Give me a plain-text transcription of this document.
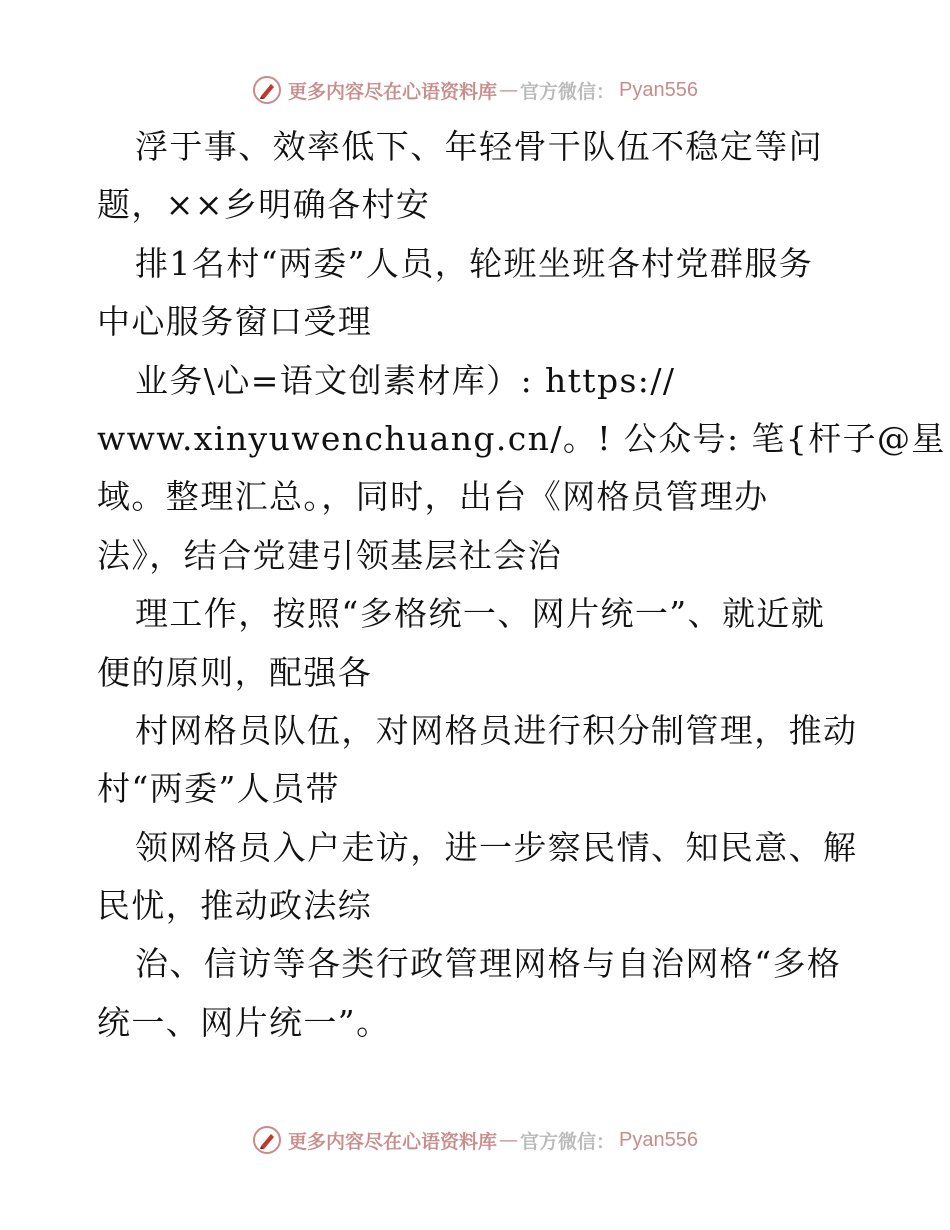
更多内容尽在心语资料库 — 官方微信： Pyan556
浮于事、效率低下、年轻骨干队伍不稳定等问
题，××乡明确各村安
排1名村“两委”人员，轮班坐班各村党群服务
中心服务窗口受理
业务\心=语文创素材库）: https://
www.xinyuwenchuang.cn/。! 公众号: 笔{杆子@星
域。整理汇总。，同时，出台《网格员管理办
法》，结合党建引领基层社会治
理工作，按照“多格统一、网片统一”、就近就
便的原则，配强各
村网格员队伍，对网格员进行积分制管理，推动
村“两委”人员带
领网格员入户走访，进一步察民情、知民意、解
民忧，推动政法综
治、信访等各类行政管理网格与自治网格“多格
统一、网片统一”。
更多内容尽在心语资料库 — 官方微信： Pyan556
